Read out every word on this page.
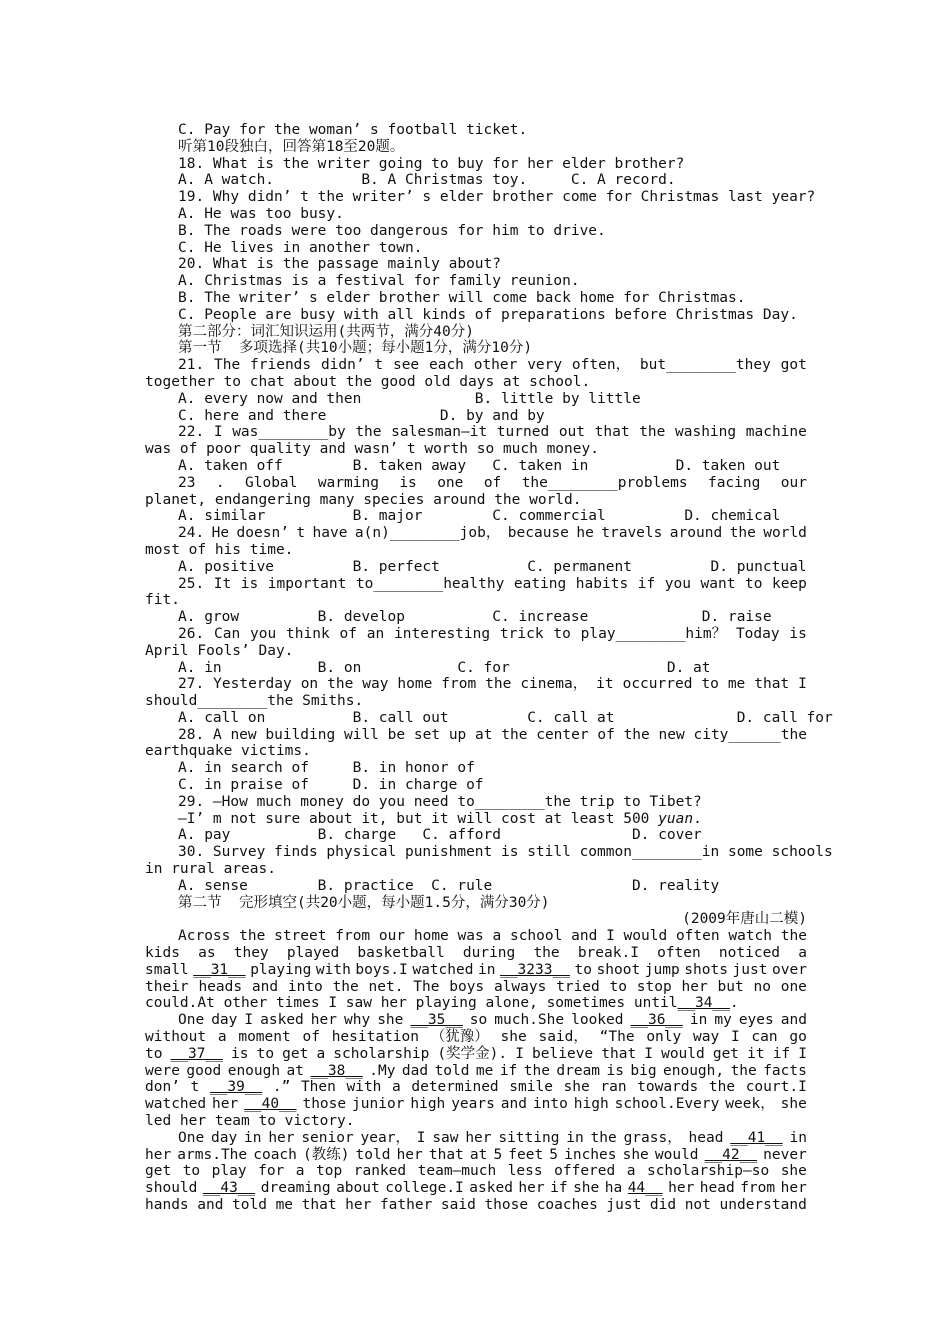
C. Pay for the woman’ s football ticket.
听第10段独白，回答第18至20题。
18. What is the writer going to buy for her elder brother?
A. A watch.          B. A Christmas toy.     C. A record.
19. Why didn’ t the writer’ s elder brother come for Christmas last year?
A. He was too busy.
B. The roads were too dangerous for him to drive.
C. He lives in another town.
20. What is the passage mainly about?
A. Christmas is a festival for family reunion.
B. The writer’ s elder brother will come back home for Christmas.
C. People are busy with all kinds of preparations before Christmas Day.
第二部分：词汇知识运用(共两节，满分40分)
第一节  多项选择(共10小题；每小题1分，满分10分)
21. The friends didn’ t see each other very often， but________they got
together to chat about the good old days at school.
A. every now and then             B. little by little
C. here and there             D. by and by
22. I was________by the salesman—it turned out that the washing machine
was of poor quality and wasn’ t worth so much money.
A. taken off        B. taken away   C. taken in          D. taken out
23 . Global warming is one of the________problems facing our
planet, endangering many species around the world.
A. similar          B. major        C. commercial         D. chemical
24. He doesn’ t have a(n)________job， because he travels around the world
most of his time.
A. positive         B. perfect          C. permanent         D. punctual
25. It is important to________healthy eating habits if you want to keep
fit.
A. grow         B. develop          C. increase             D. raise
26. Can you think of an interesting trick to play________him？ Today is
April Fools’ Day.
A. in           B. on           C. for                  D. at
27. Yesterday on the way home from the cinema， it occurred to me that I
should________the Smiths.
A. call on          B. call out         C. call at              D. call for
28. A new building will be set up at the center of the new city______the
earthquake victims.
A. in search of     B. in honor of
C. in praise of     D. in charge of
29. —How much money do you need to________the trip to Tibet?
—I’ m not sure about it, but it will cost at least 500 yuan.
A. pay          B. charge   C. afford               D. cover
30. Survey finds physical punishment is still common________in some schools
in rural areas.
A. sense        B. practice  C. rule                D. reality
第二节  完形填空(共20小题，每小题1.5分，满分30分)
(2009年唐山二模)
Across the street from our home was a school and I would often watch the
kids as they played basketball during the break.I often noticed a
small __31__ playing with boys.I watched in __3233__ to shoot jump shots just over
their heads and into the net. The boys always tried to stop her but no one
could.At other times I saw her playing alone, sometimes until__34__.
One day I asked her why she __35__ so much.She looked __36__ in my eyes and
without a moment of hesitation （犹豫） she said， “The only way I can go
to __37__ is to get a scholarship (奖学金). I believe that I would get it if I
were good enough at __38__ .My dad told me if the dream is big enough, the facts
don’ t __39__ .” Then with a determined smile she ran towards the court.I
watched her __40__ those junior high years and into high school.Every week， she
led her team to victory.
One day in her senior year， I saw her sitting in the grass， head __41__ in
her arms.The coach (教练) told her that at 5 feet 5 inches she would __42__ never
get to play for a top ranked team—much less offered a scholarship—so she
should __43__ dreaming about college.I asked her if she ha 44__ her head from her
hands and told me that her father said those coaches just did not understand
